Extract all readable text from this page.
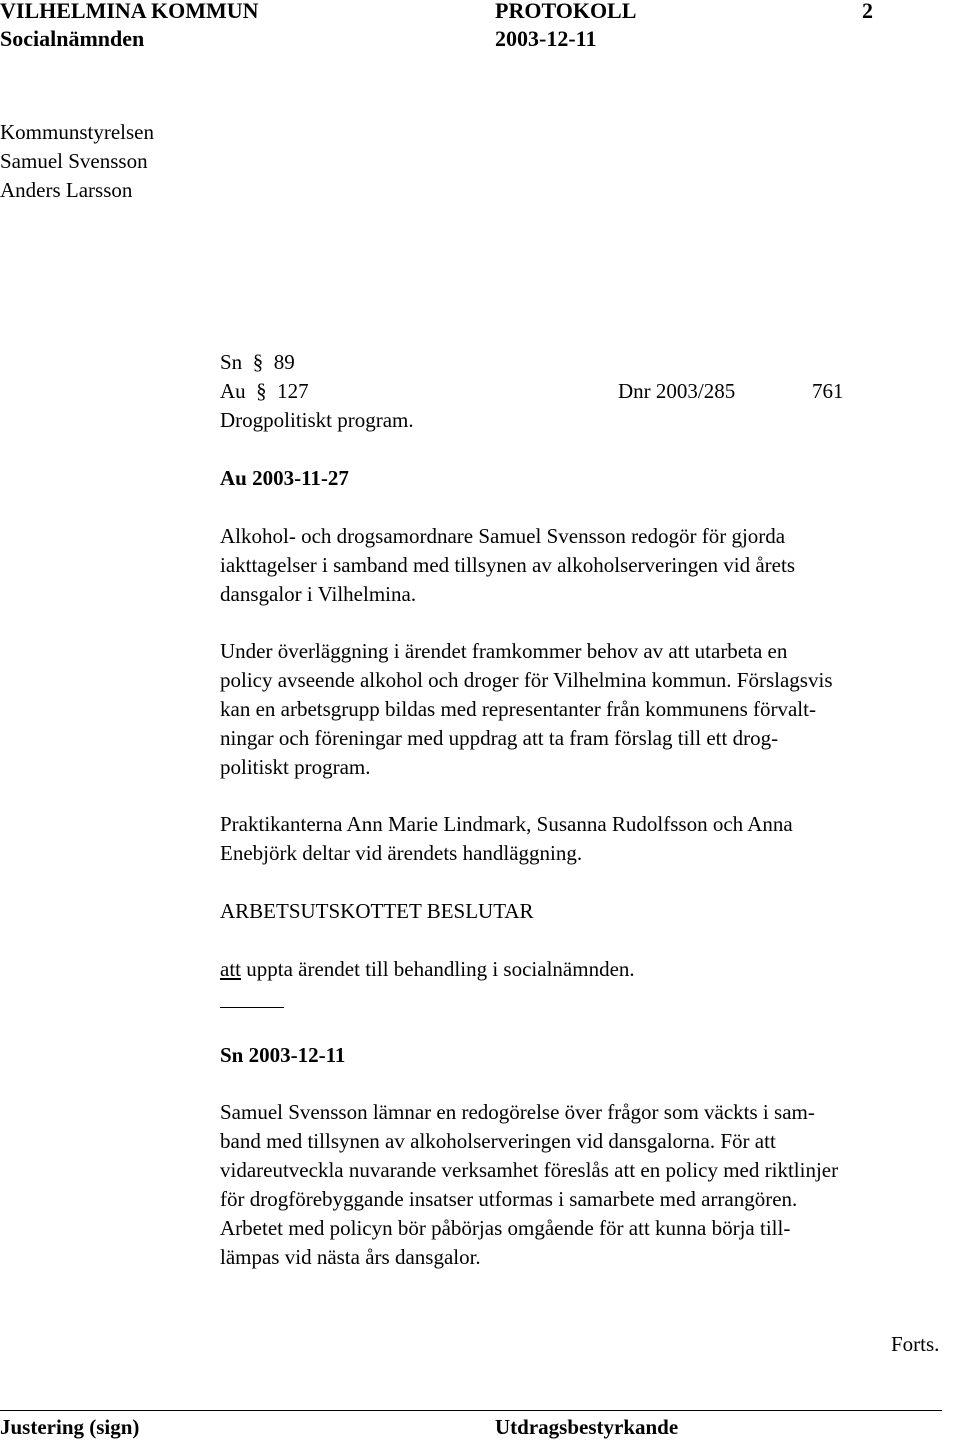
VILHELMINA KOMMUN	PROTOKOLL	2
Socialnämnden	2003-12-11
Kommunstyrelsen
Samuel Svensson
Anders Larsson
Sn  §  89
Au  §  127	Dnr 2003/285	761
Drogpolitiskt program.
Au 2003-11-27
Alkohol- och drogsamordnare Samuel Svensson redogör för gjorda
iakttagelser i samband med tillsynen av alkoholserveringen vid årets
dansgalor i Vilhelmina.
Under överläggning i ärendet framkommer behov av att utarbeta en
policy avseende alkohol och droger för Vilhelmina kommun. Förslagsvis
kan en arbetsgrupp bildas med representanter från kommunens förvalt-
ningar och föreningar med uppdrag att ta fram förslag till ett drog-
politiskt program.
Praktikanterna Ann Marie Lindmark, Susanna Rudolfsson och Anna
Enebjörk deltar vid ärendets handläggning.
ARBETSUTSKOTTET BESLUTAR
att uppta ärendet till behandling i socialnämnden.
Sn 2003-12-11
Samuel Svensson lämnar en redogörelse över frågor som väckts i sam-
band med tillsynen av alkoholserveringen vid dansgalorna. För att
vidareutveckla nuvarande verksamhet föreslås att en policy med riktlinjer
för drogförebyggande insatser utformas i samarbete med arrangören.
Arbetet med policyn bör påbörjas omgående för att kunna börja till-
lämpas vid nästa års dansgalor.
Forts.
Justering (sign)	Utdragsbestyrkande
